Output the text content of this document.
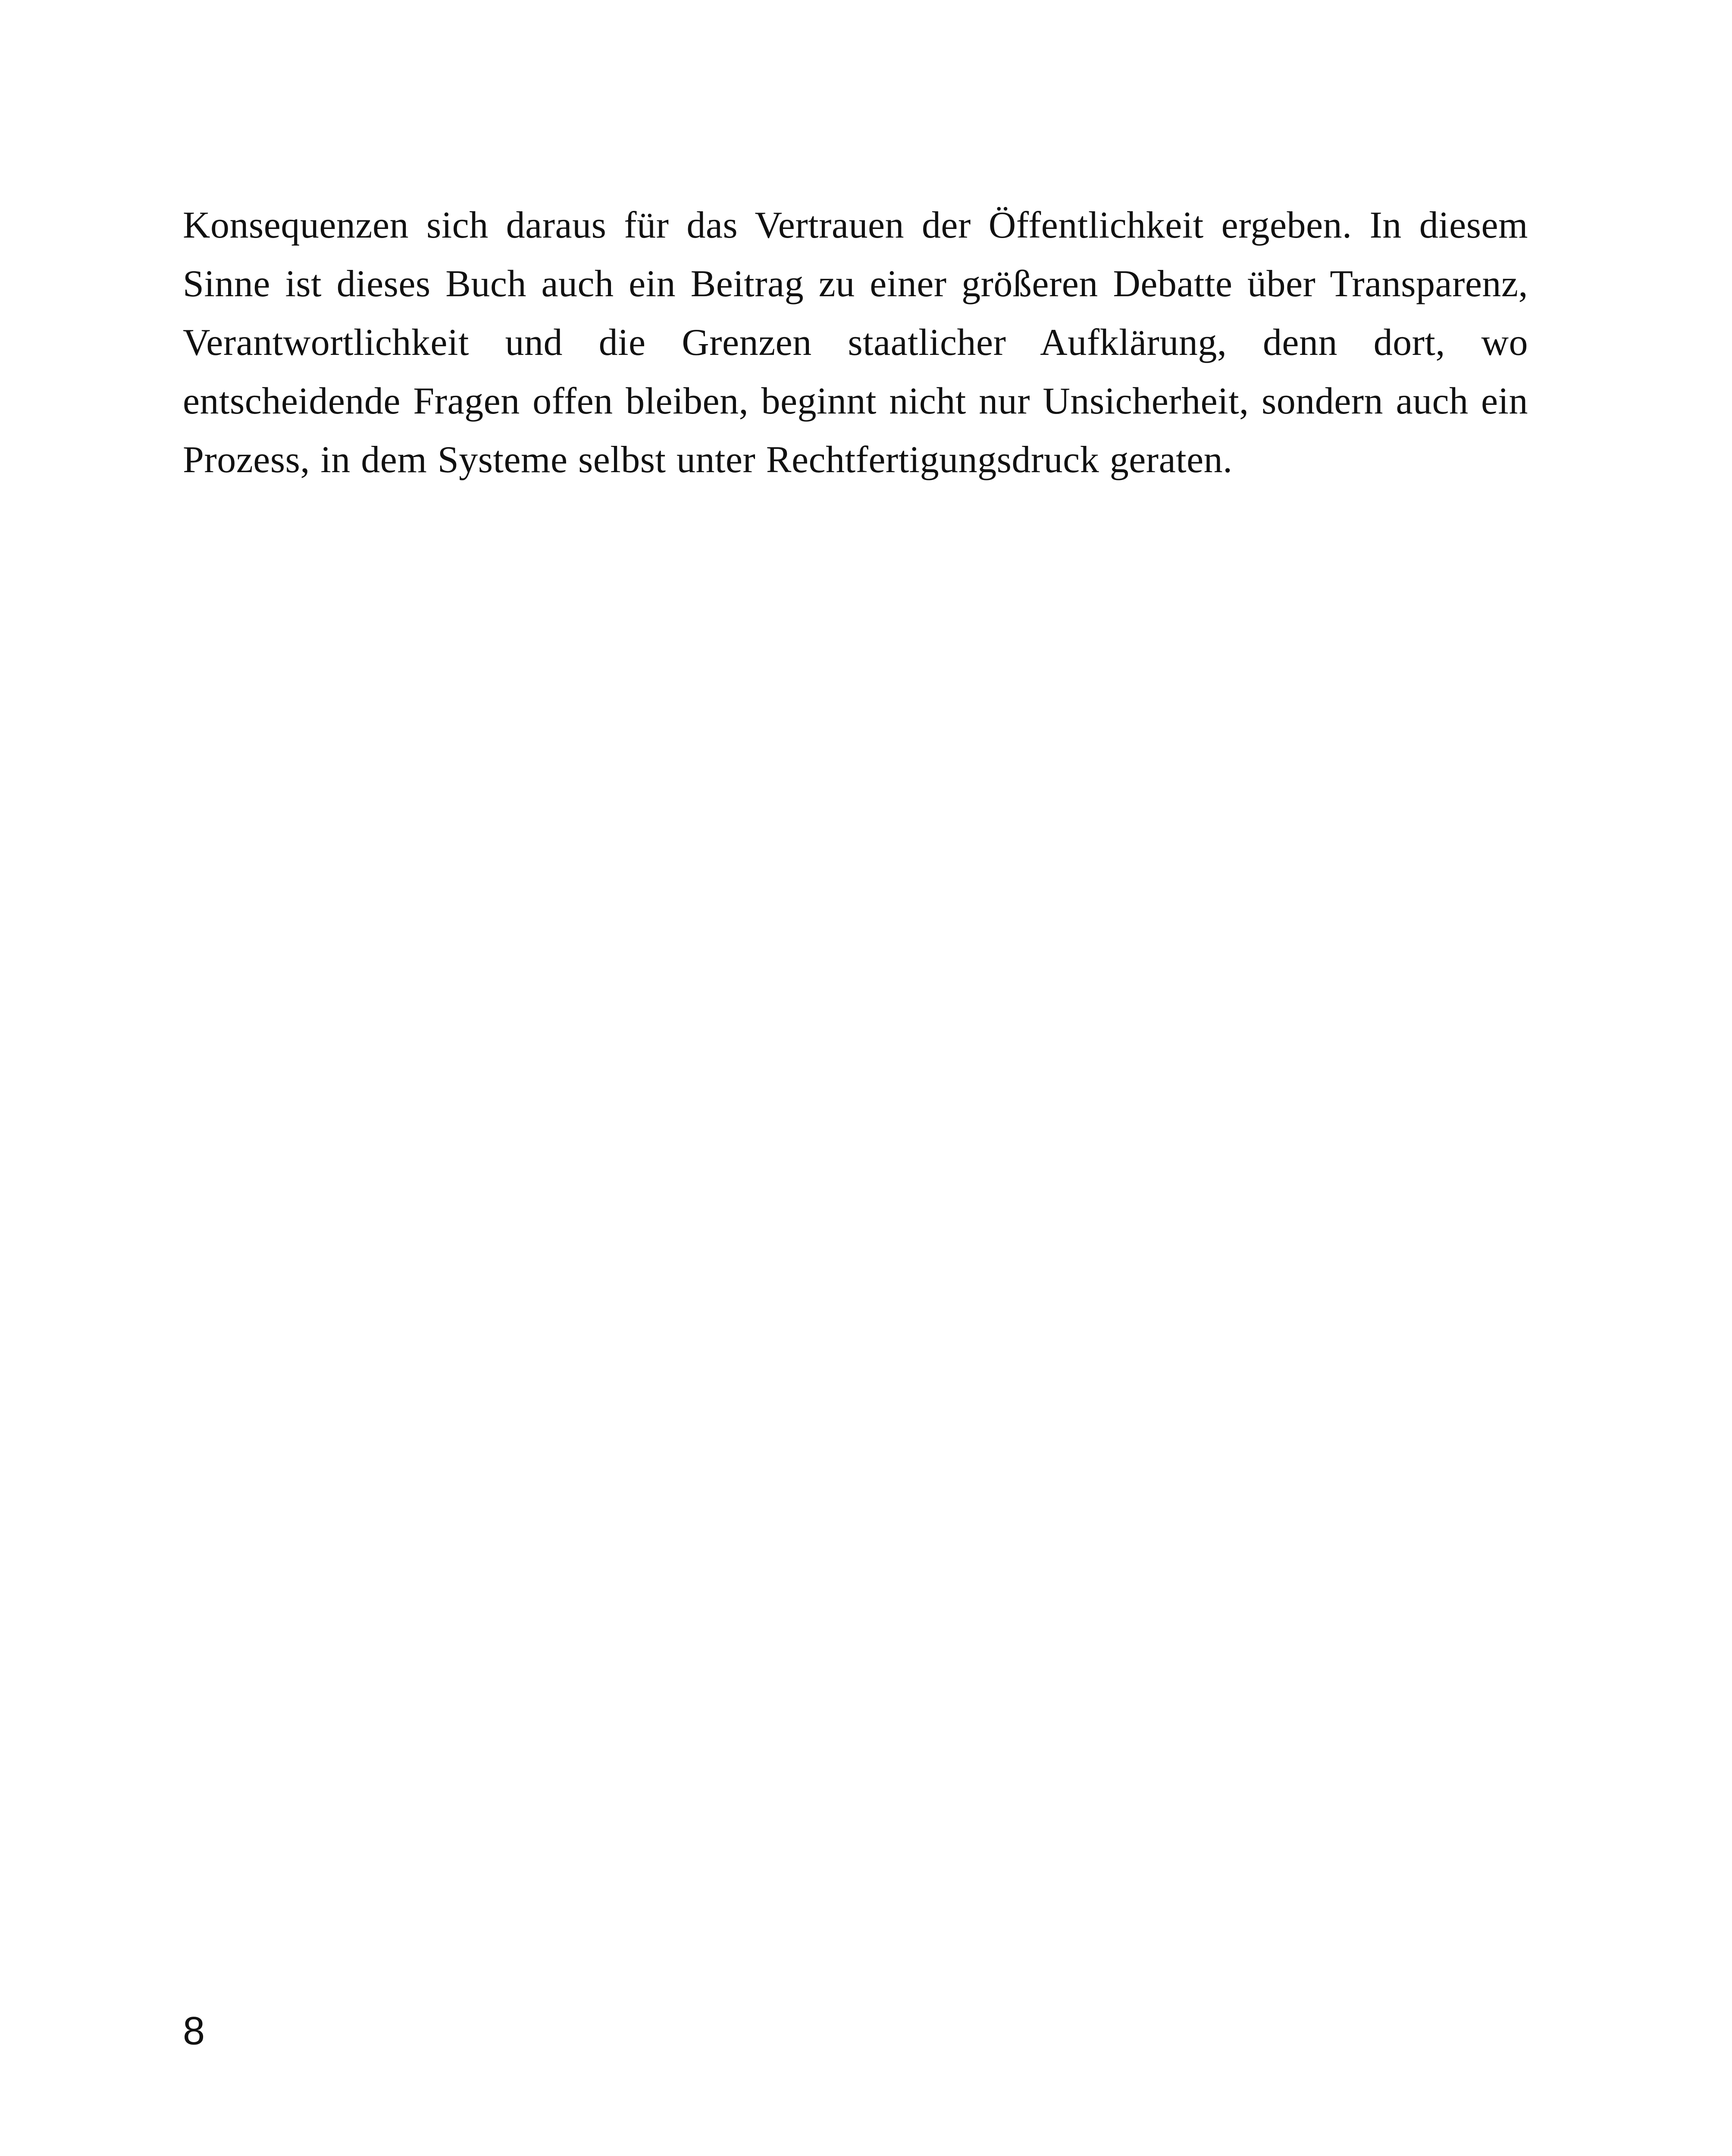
Konsequenzen sich daraus für das Vertrauen der Öffentlichkeit ergeben. In diesem Sinne ist dieses Buch auch ein Beitrag zu einer größeren Debatte über Transparenz, Verantwortlichkeit und die Grenzen staatlicher Aufklärung, denn dort, wo entscheidende Fragen offen bleiben, beginnt nicht nur Unsicherheit, sondern auch ein Prozess, in dem Systeme selbst unter Rechtfertigungsdruck geraten.

8
